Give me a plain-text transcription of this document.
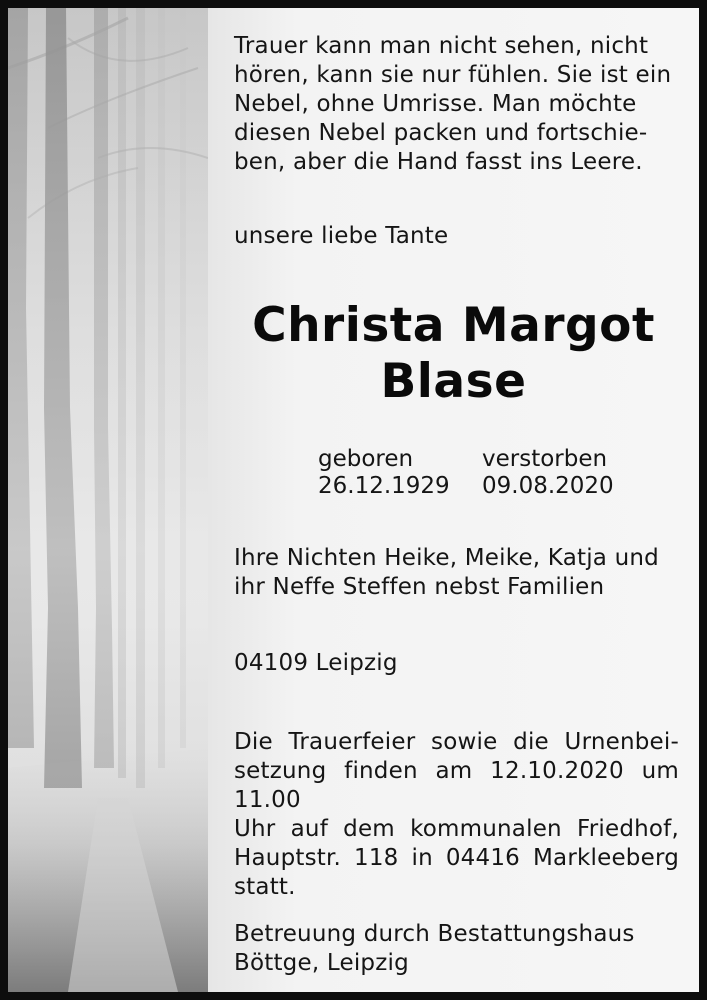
Trauer kann man nicht sehen, nicht
hören, kann sie nur fühlen. Sie ist ein
Nebel, ohne Umrisse. Man möchte
diesen Nebel packen und fortschie-
ben, aber die Hand fasst ins Leere.
unsere liebe Tante
Christa Margot
Blase
geboren
26.12.1929
verstorben
09.08.2020
Ihre Nichten Heike, Meike, Katja und
ihr Neffe Steffen nebst Familien
04109 Leipzig
Die Trauerfeier sowie die Urnenbei-
setzung finden am 12.10.2020 um 11.00
Uhr auf dem kommunalen Friedhof,
Hauptstr. 118 in 04416 Markleeberg
statt.
Betreuung durch Bestattungshaus
Böttge, Leipzig
